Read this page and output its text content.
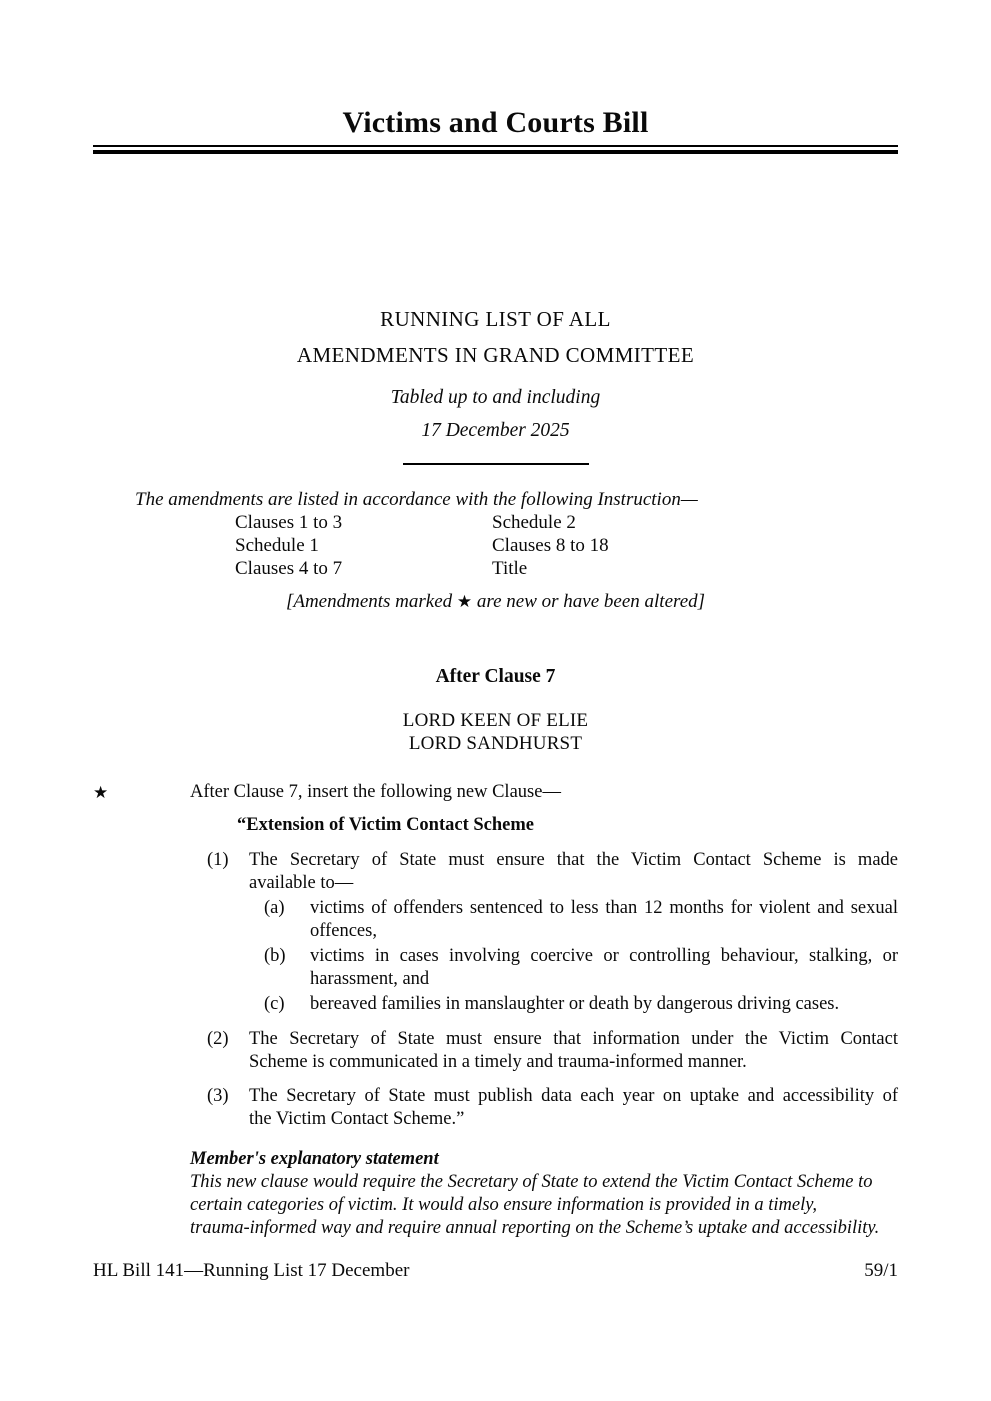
Victims and Courts Bill
RUNNING LIST OF ALL
AMENDMENTS IN GRAND COMMITTEE
Tabled up to and including
17 December 2025
The amendments are listed in accordance with the following Instruction—
Clauses 1 to 3
Schedule 1
Clauses 4 to 7
Schedule 2
Clauses 8 to 18
Title
[Amendments marked ★ are new or have been altered]
After Clause 7
LORD KEEN OF ELIE
LORD SANDHURST
★	After Clause 7, insert the following new Clause—
“Extension of Victim Contact Scheme
(1) The Secretary of State must ensure that the Victim Contact Scheme is made
available to—
(a) victims of offenders sentenced to less than 12 months for violent and sexual
offences,
(b) victims in cases involving coercive or controlling behaviour, stalking, or
harassment, and
(c) bereaved families in manslaughter or death by dangerous driving cases.
(2) The Secretary of State must ensure that information under the Victim Contact
Scheme is communicated in a timely and trauma-informed manner.
(3) The Secretary of State must publish data each year on uptake and accessibility of
the Victim Contact Scheme.”
Member's explanatory statement
This new clause would require the Secretary of State to extend the Victim Contact Scheme to
certain categories of victim. It would also ensure information is provided in a timely,
trauma-informed way and require annual reporting on the Scheme’s uptake and accessibility.
HL Bill 141—Running List 17 December	59/1
